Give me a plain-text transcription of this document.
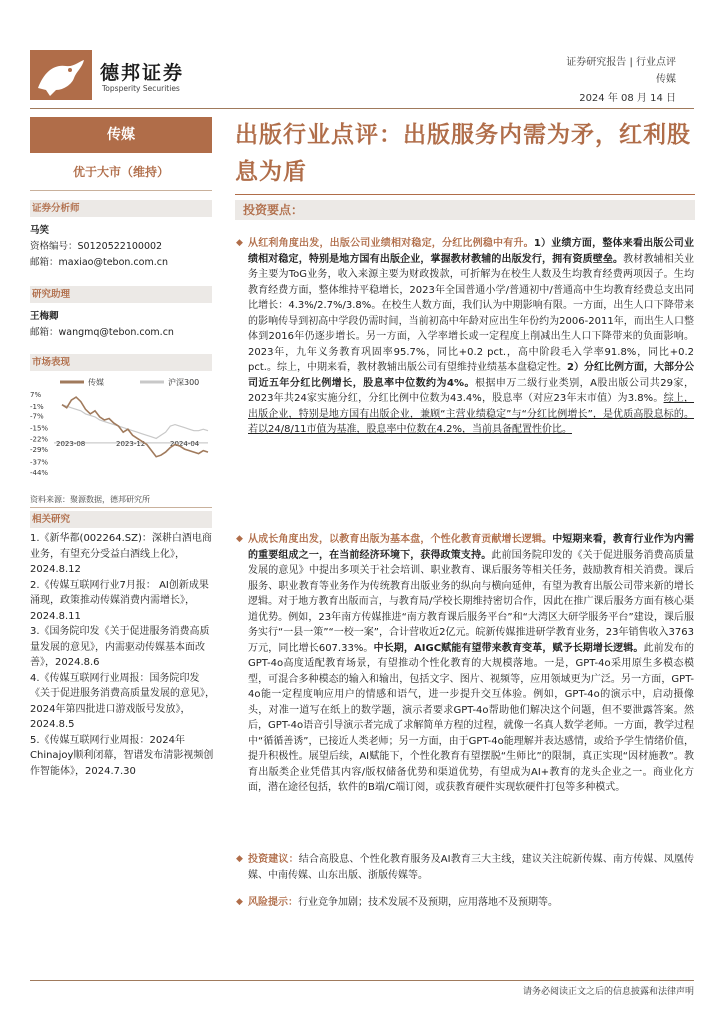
德邦证券
Topsperity Securities
证券研究报告 | 行业点评
传媒
2024 年 08 月 14 日
传媒
优于大市（维持）
证券分析师
马笑
资格编号：S0120522100002
邮箱：maxiao@tebon.com.cn
研究助理
王梅卿
邮箱：wangmq@tebon.com.cn
市场表现
传媒	沪深300
7%
-1%
-7%
-15%
-22%
-29%
-37%
-44%
2023-08	2023-12	2024-04
资料来源：聚源数据，德邦研究所
相关研究
1.《新华都(002264.SZ)：深耕白酒电商业务，有望充分受益白酒线上化》，2024.8.12
2.《传媒互联网行业7月报： AI创新成果涌现，政策推动传媒消费内需增长》，2024.8.11
3.《国务院印发《关于促进服务消费高质量发展的意见》，内需驱动传媒基本面改善》，2024.8.6
4.《传媒互联网行业周报：国务院印发《关于促进服务消费高质量发展的意见》，2024年第四批进口游戏版号发放》，2024.8.5
5.《传媒互联网行业周报：2024年Chinajoy顺利闭幕，智谱发布清影视频创作智能体》，2024.7.30
出版行业点评：出版服务内需为矛，红利股息为盾
投资要点：
◆ 从红利角度出发，出版公司业绩相对稳定，分红比例稳中有升。1）业绩方面，整体来看出版公司业绩相对稳定，特别是地方国有出版企业，掌握教材教辅的出版发行，拥有资质壁垒。教材教辅相关业务主要为ToG业务，收入来源主要为财政拨款，可折解为在校生人数及生均教育经费两项因子。生均教育经费方面，整体维持平稳增长，2023年全国普通小学/普通初中/普通高中生均教育经费总支出同比增长：4.3%/2.7%/3.8%。在校生人数方面，我们认为中期影响有限。一方面，出生人口下降带来的影响传导到初高中学段仍需时间，当前初高中年龄对应出生年份约为2006-2011年，而出生人口整体到2016年仍逐步增长。另一方面，入学率增长或一定程度上削减出生人口下降带来的负面影响。2023年，九年义务教育巩固率95.7%，同比+0.2 pct.，高中阶段毛入学率91.8%，同比+0.2 pct.。综上，中期来看，教材教辅出版公司有望维持业绩基本盘稳定性。2）分红比例方面，大部分公司近五年分红比例增长，股息率中位数约为4%。根据申万二级行业类别，A股出版公司共29家，2023年共24家实施分红，分红比例中位数为43.4%，股息率（对应23年末市值）为3.8%。综上，出版企业，特别是地方国有出版企业，兼顾“主营业绩稳定”与“分红比例增长”，是优质高股息标的。若以24/8/11市值为基准，股息率中位数在4.2%，当前具备配置性价比。
◆ 从成长角度出发，以教育出版为基本盘，个性化教育贡献增长逻辑。中短期来看，教育行业作为内需的重要组成之一，在当前经济环境下，获得政策支持。此前国务院印发的《关于促进服务消费高质量发展的意见》中提出多项关于社会培训、职业教育、课后服务等相关任务，鼓励教育相关消费。课后服务、职业教育等业务作为传统教育出版业务的纵向与横向延伸，有望为教育出版公司带来新的增长逻辑。对于地方教育出版而言，与教育局/学校长期维持密切合作，因此在推广课后服务方面有核心渠道优势。例如，23年南方传媒推进“南方教育课后服务平台”和“大湾区大研学服务平台”建设，课后服务实行“一县一策”“一校一案”，合计营收近2亿元。皖新传媒推进研学教育业务，23年销售收入3763万元，同比增长607.33%。中长期，AIGC赋能有望带来教育变革，赋予长期增长逻辑。此前发布的GPT-4o高度适配教育场景，有望推动个性化教育的大规模落地。一是，GPT-4o采用原生多模态模型，可混合多种模态的输入和输出，包括文字、图片、视频等，应用领域更为广泛。另一方面，GPT-4o能一定程度响应用户的情感和语气，进一步提升交互体验。例如，GPT-4o的演示中，启动摄像头，对准一道写在纸上的数学题，演示者要求GPT-4o帮助他们解决这个问题，但不要泄露答案。然后，GPT-4o语音引导演示者完成了求解简单方程的过程，就像一名真人数学老师。一方面，教学过程中“循循善诱”，已接近人类老师；另一方面，由于GPT-4o能理解并表达感情，或给予学生情绪价值，提升积极性。展望后续，AI赋能下，个性化教育有望摆脱“生师比”的限制，真正实现“因材施教”。教育出版类企业凭借其内容/版权储备优势和渠道优势，有望成为AI+教育的龙头企业之一。商业化方面，潜在途径包括，软件的B端/C端订阅，或获教育硬件实现软硬件打包等多种模式。
◆ 投资建议：结合高股息、个性化教育服务及AI教育三大主线，建议关注皖新传媒、南方传媒、凤凰传媒、中南传媒、山东出版、浙版传媒等。
◆ 风险提示：行业竞争加剧；技术发展不及预期，应用落地不及预期等。
请务必阅读正文之后的信息披露和法律声明
